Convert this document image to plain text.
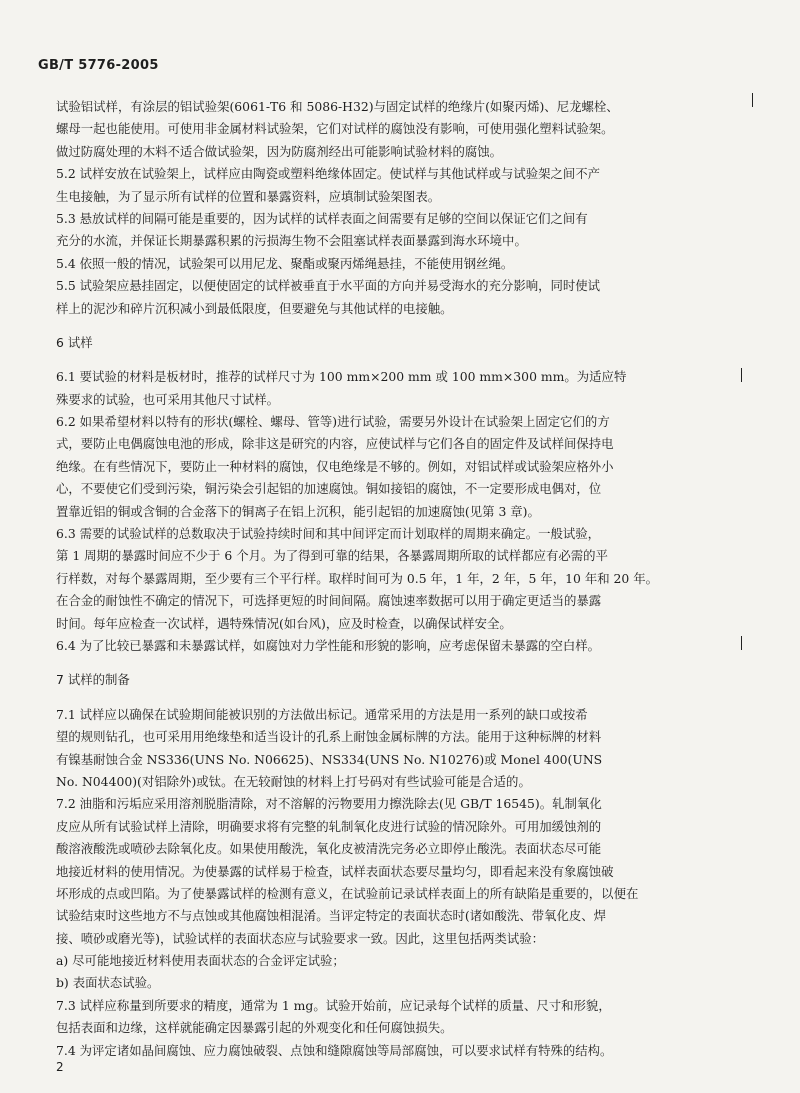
GB/T 5776-2005
试验铝试样，有涂层的铝试验架(6061-T6 和 5086-H32)与固定试样的绝缘片(如聚丙烯)、尼龙螺栓、
螺母一起也能使用。可使用非金属材料试验架，它们对试样的腐蚀没有影响，可使用强化塑料试验架。
做过防腐处理的木料不适合做试验架，因为防腐剂经出可能影响试验材料的腐蚀。
5.2 试样安放在试验架上，试样应由陶瓷或塑料绝缘体固定。使试样与其他试样或与试验架之间不产
生电接触，为了显示所有试样的位置和暴露资料，应填制试验架图表。
5.3 悬放试样的间隔可能是重要的，因为试样的试样表面之间需要有足够的空间以保证它们之间有
充分的水流，并保证长期暴露积累的污损海生物不会阻塞试样表面暴露到海水环境中。
5.4 依照一般的情况，试验架可以用尼龙、聚酯或聚丙烯绳悬挂，不能使用钢丝绳。
5.5 试验架应悬挂固定，以便使固定的试样被垂直于水平面的方向并易受海水的充分影响，同时使试
样上的泥沙和碎片沉积减小到最低限度，但要避免与其他试样的电接触。
6 试样
6.1 要试验的材料是板材时，推荐的试样尺寸为 100 mm×200 mm 或 100 mm×300 mm。为适应特
殊要求的试验，也可采用其他尺寸试样。
6.2 如果希望材料以特有的形状(螺栓、螺母、管等)进行试验，需要另外设计在试验架上固定它们的方
式，要防止电偶腐蚀电池的形成，除非这是研究的内容，应使试样与它们各自的固定件及试样间保持电
绝缘。在有些情况下，要防止一种材料的腐蚀，仅电绝缘是不够的。例如，对铝试样或试验架应格外小
心，不要使它们受到污染，铜污染会引起铝的加速腐蚀。铜如接铝的腐蚀，不一定要形成电偶对，位
置靠近铝的铜或含铜的合金落下的铜离子在铝上沉积，能引起铝的加速腐蚀(见第 3 章)。
6.3 需要的试验试样的总数取决于试验持续时间和其中间评定而计划取样的周期来确定。一般试验，
第 1 周期的暴露时间应不少于 6 个月。为了得到可靠的结果，各暴露周期所取的试样都应有必需的平
行样数，对每个暴露周期，至少要有三个平行样。取样时间可为 0.5 年，1 年，2 年，5 年，10 年和 20 年。
在合金的耐蚀性不确定的情况下，可选择更短的时间间隔。腐蚀速率数据可以用于确定更适当的暴露
时间。每年应检查一次试样，遇特殊情况(如台风)，应及时检查，以确保试样安全。
6.4 为了比较已暴露和未暴露试样，如腐蚀对力学性能和形貌的影响，应考虑保留未暴露的空白样。
7 试样的制备
7.1 试样应以确保在试验期间能被识别的方法做出标记。通常采用的方法是用一系列的缺口或按希
望的规则钻孔，也可采用用绝缘垫和适当设计的孔系上耐蚀金属标牌的方法。能用于这种标牌的材料
有镍基耐蚀合金 NS336(UNS No. N06625)、NS334(UNS No. N10276)或 Monel 400(UNS
No. N04400)(对铝除外)或钛。在无较耐蚀的材料上打号码对有些试验可能是合适的。
7.2 油脂和污垢应采用溶剂脱脂清除，对不溶解的污物要用力擦洗除去(见 GB/T 16545)。轧制氧化
皮应从所有试验试样上清除，明确要求将有完整的轧制氧化皮进行试验的情况除外。可用加缓蚀剂的
酸溶液酸洗或喷砂去除氧化皮。如果使用酸洗，氧化皮被清洗完务必立即停止酸洗。表面状态尽可能
地接近材料的使用情况。为使暴露的试样易于检查，试样表面状态要尽量均匀，即看起来没有象腐蚀破
坏形成的点或凹陷。为了使暴露试样的检测有意义，在试验前记录试样表面上的所有缺陷是重要的，以便在
试验结束时这些地方不与点蚀或其他腐蚀相混淆。当评定特定的表面状态时(诸如酸洗、带氧化皮、焊
接、喷砂或磨光等)，试验试样的表面状态应与试验要求一致。因此，这里包括两类试验：
a) 尽可能地接近材料使用表面状态的合金评定试验；
b) 表面状态试验。
7.3 试样应称量到所要求的精度，通常为 1 mg。试验开始前，应记录每个试样的质量、尺寸和形貌，
包括表面和边缘，这样就能确定因暴露引起的外观变化和任何腐蚀损失。
7.4 为评定诸如晶间腐蚀、应力腐蚀破裂、点蚀和缝隙腐蚀等局部腐蚀，可以要求试样有特殊的结构。
2
